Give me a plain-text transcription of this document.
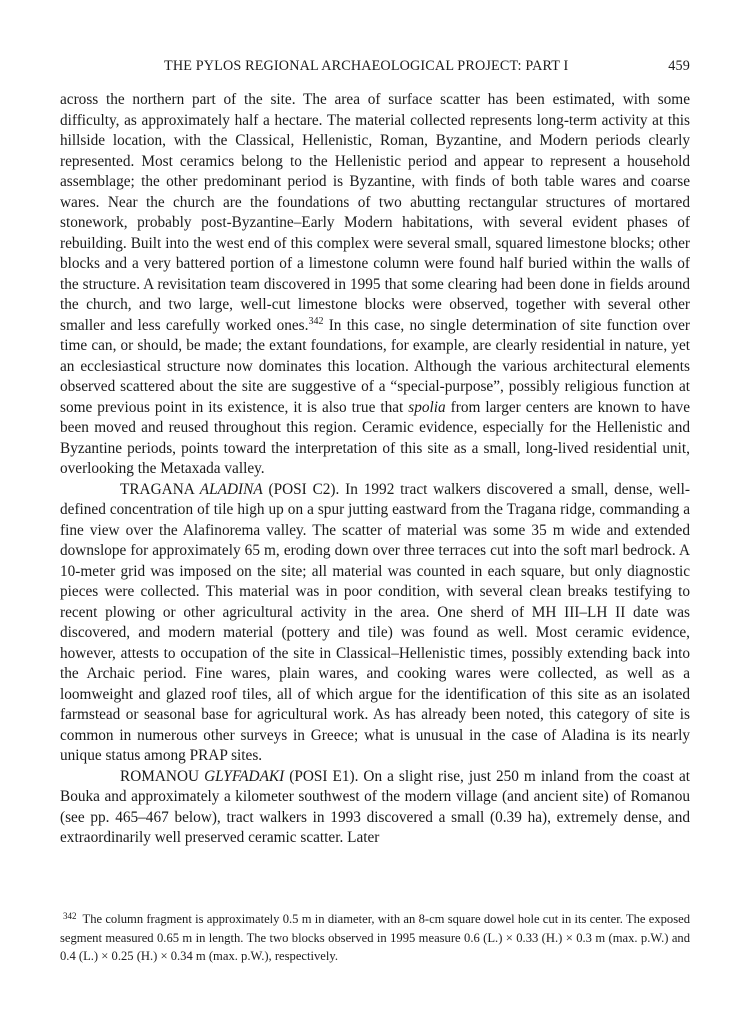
THE PYLOS REGIONAL ARCHAEOLOGICAL PROJECT: PART I	459

across the northern part of the site. The area of surface scatter has been estimated, with some difficulty, as approximately half a hectare. The material collected represents long-term activity at this hillside location, with the Classical, Hellenistic, Roman, Byzantine, and Modern periods clearly represented. Most ceramics belong to the Hellenistic period and appear to represent a household assemblage; the other predominant period is Byzantine, with finds of both table wares and coarse wares. Near the church are the foundations of two abutting rectangular structures of mortared stonework, probably post-Byzantine–Early Modern habitations, with several evident phases of rebuilding. Built into the west end of this complex were several small, squared limestone blocks; other blocks and a very battered portion of a limestone column were found half buried within the walls of the structure. A revisitation team discovered in 1995 that some clearing had been done in fields around the church, and two large, well-cut limestone blocks were observed, together with several other smaller and less carefully worked ones.$^{342}$ In this case, no single determination of site function over time can, or should, be made; the extant foundations, for example, are clearly residential in nature, yet an ecclesiastical structure now dominates this location. Although the various architectural elements observed scattered about the site are suggestive of a “special-purpose”, possibly religious function at some previous point in its existence, it is also true that spolia from larger centers are known to have been moved and reused throughout this region. Ceramic evidence, especially for the Hellenistic and Byzantine periods, points toward the interpretation of this site as a small, long-lived residential unit, overlooking the Metaxada valley.

TRAGANA ALADINA (POSI C2). In 1992 tract walkers discovered a small, dense, well-defined concentration of tile high up on a spur jutting eastward from the Tragana ridge, commanding a fine view over the Alafinorema valley. The scatter of material was some 35 m wide and extended downslope for approximately 65 m, eroding down over three terraces cut into the soft marl bedrock. A 10-meter grid was imposed on the site; all material was counted in each square, but only diagnostic pieces were collected. This material was in poor condition, with several clean breaks testifying to recent plowing or other agricultural activity in the area. One sherd of MH III–LH II date was discovered, and modern material (pottery and tile) was found as well. Most ceramic evidence, however, attests to occupation of the site in Classical–Hellenistic times, possibly extending back into the Archaic period. Fine wares, plain wares, and cooking wares were collected, as well as a loomweight and glazed roof tiles, all of which argue for the identification of this site as an isolated farmstead or seasonal base for agricultural work. As has already been noted, this category of site is common in numerous other surveys in Greece; what is unusual in the case of Aladina is its nearly unique status among PRAP sites.

ROMANOU GLYFADAKI (POSI E1). On a slight rise, just 250 m inland from the coast at Bouka and approximately a kilometer southwest of the modern village (and ancient site) of Romanou (see pp. 465–467 below), tract walkers in 1993 discovered a small (0.39 ha), extremely dense, and extraordinarily well preserved ceramic scatter. Later

$^{342}$ The column fragment is approximately 0.5 m in diameter, with an 8-cm square dowel hole cut in its center. The exposed segment measured 0.65 m in length. The two blocks observed in 1995 measure 0.6 (L.) × 0.33 (H.) × 0.3 m (max. p.W.) and 0.4 (L.) × 0.25 (H.) × 0.34 m (max. p.W.), respectively.
